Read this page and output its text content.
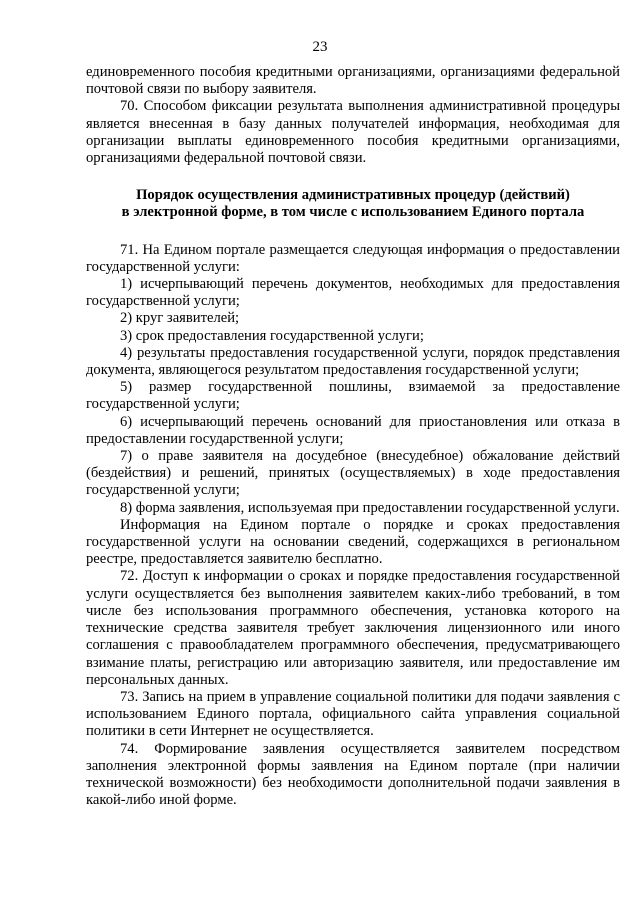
23

единовременного пособия кредитными организациями, организациями федеральной почтовой связи по выбору заявителя.

70. Способом фиксации результата выполнения административной процедуры является внесенная в базу данных получателей информация, необходимая для организации выплаты единовременного пособия кредитными организациями, организациями федеральной почтовой связи.

Порядок осуществления административных процедур (действий)
в электронной форме, в том числе с использованием Единого портала

71. На Едином портале размещается следующая информация о предоставлении государственной услуги:

1) исчерпывающий перечень документов, необходимых для предоставления государственной услуги;

2) круг заявителей;

3) срок предоставления государственной услуги;

4) результаты предоставления государственной услуги, порядок представления документа, являющегося результатом предоставления государственной услуги;

5) размер государственной пошлины, взимаемой за предоставление государственной услуги;

6) исчерпывающий перечень оснований для приостановления или отказа в предоставлении государственной услуги;

7) о праве заявителя на досудебное (внесудебное) обжалование действий (бездействия) и решений, принятых (осуществляемых) в ходе предоставления государственной услуги;

8) форма заявления, используемая при предоставлении государственной услуги.

Информация на Едином портале о порядке и сроках предоставления государственной услуги на основании сведений, содержащихся в региональном реестре, предоставляется заявителю бесплатно.

72. Доступ к информации о сроках и порядке предоставления государственной услуги осуществляется без выполнения заявителем каких-либо требований, в том числе без использования программного обеспечения, установка которого на технические средства заявителя требует заключения лицензионного или иного соглашения с правообладателем программного обеспечения, предусматривающего взимание платы, регистрацию или авторизацию заявителя, или предоставление им персональных данных.

73. Запись на прием в управление социальной политики для подачи заявления с использованием Единого портала, официального сайта управления социальной политики в сети Интернет не осуществляется.

74. Формирование заявления осуществляется заявителем посредством заполнения электронной формы заявления на Едином портале (при наличии технической возможности) без необходимости дополнительной подачи заявления в какой-либо иной форме.
